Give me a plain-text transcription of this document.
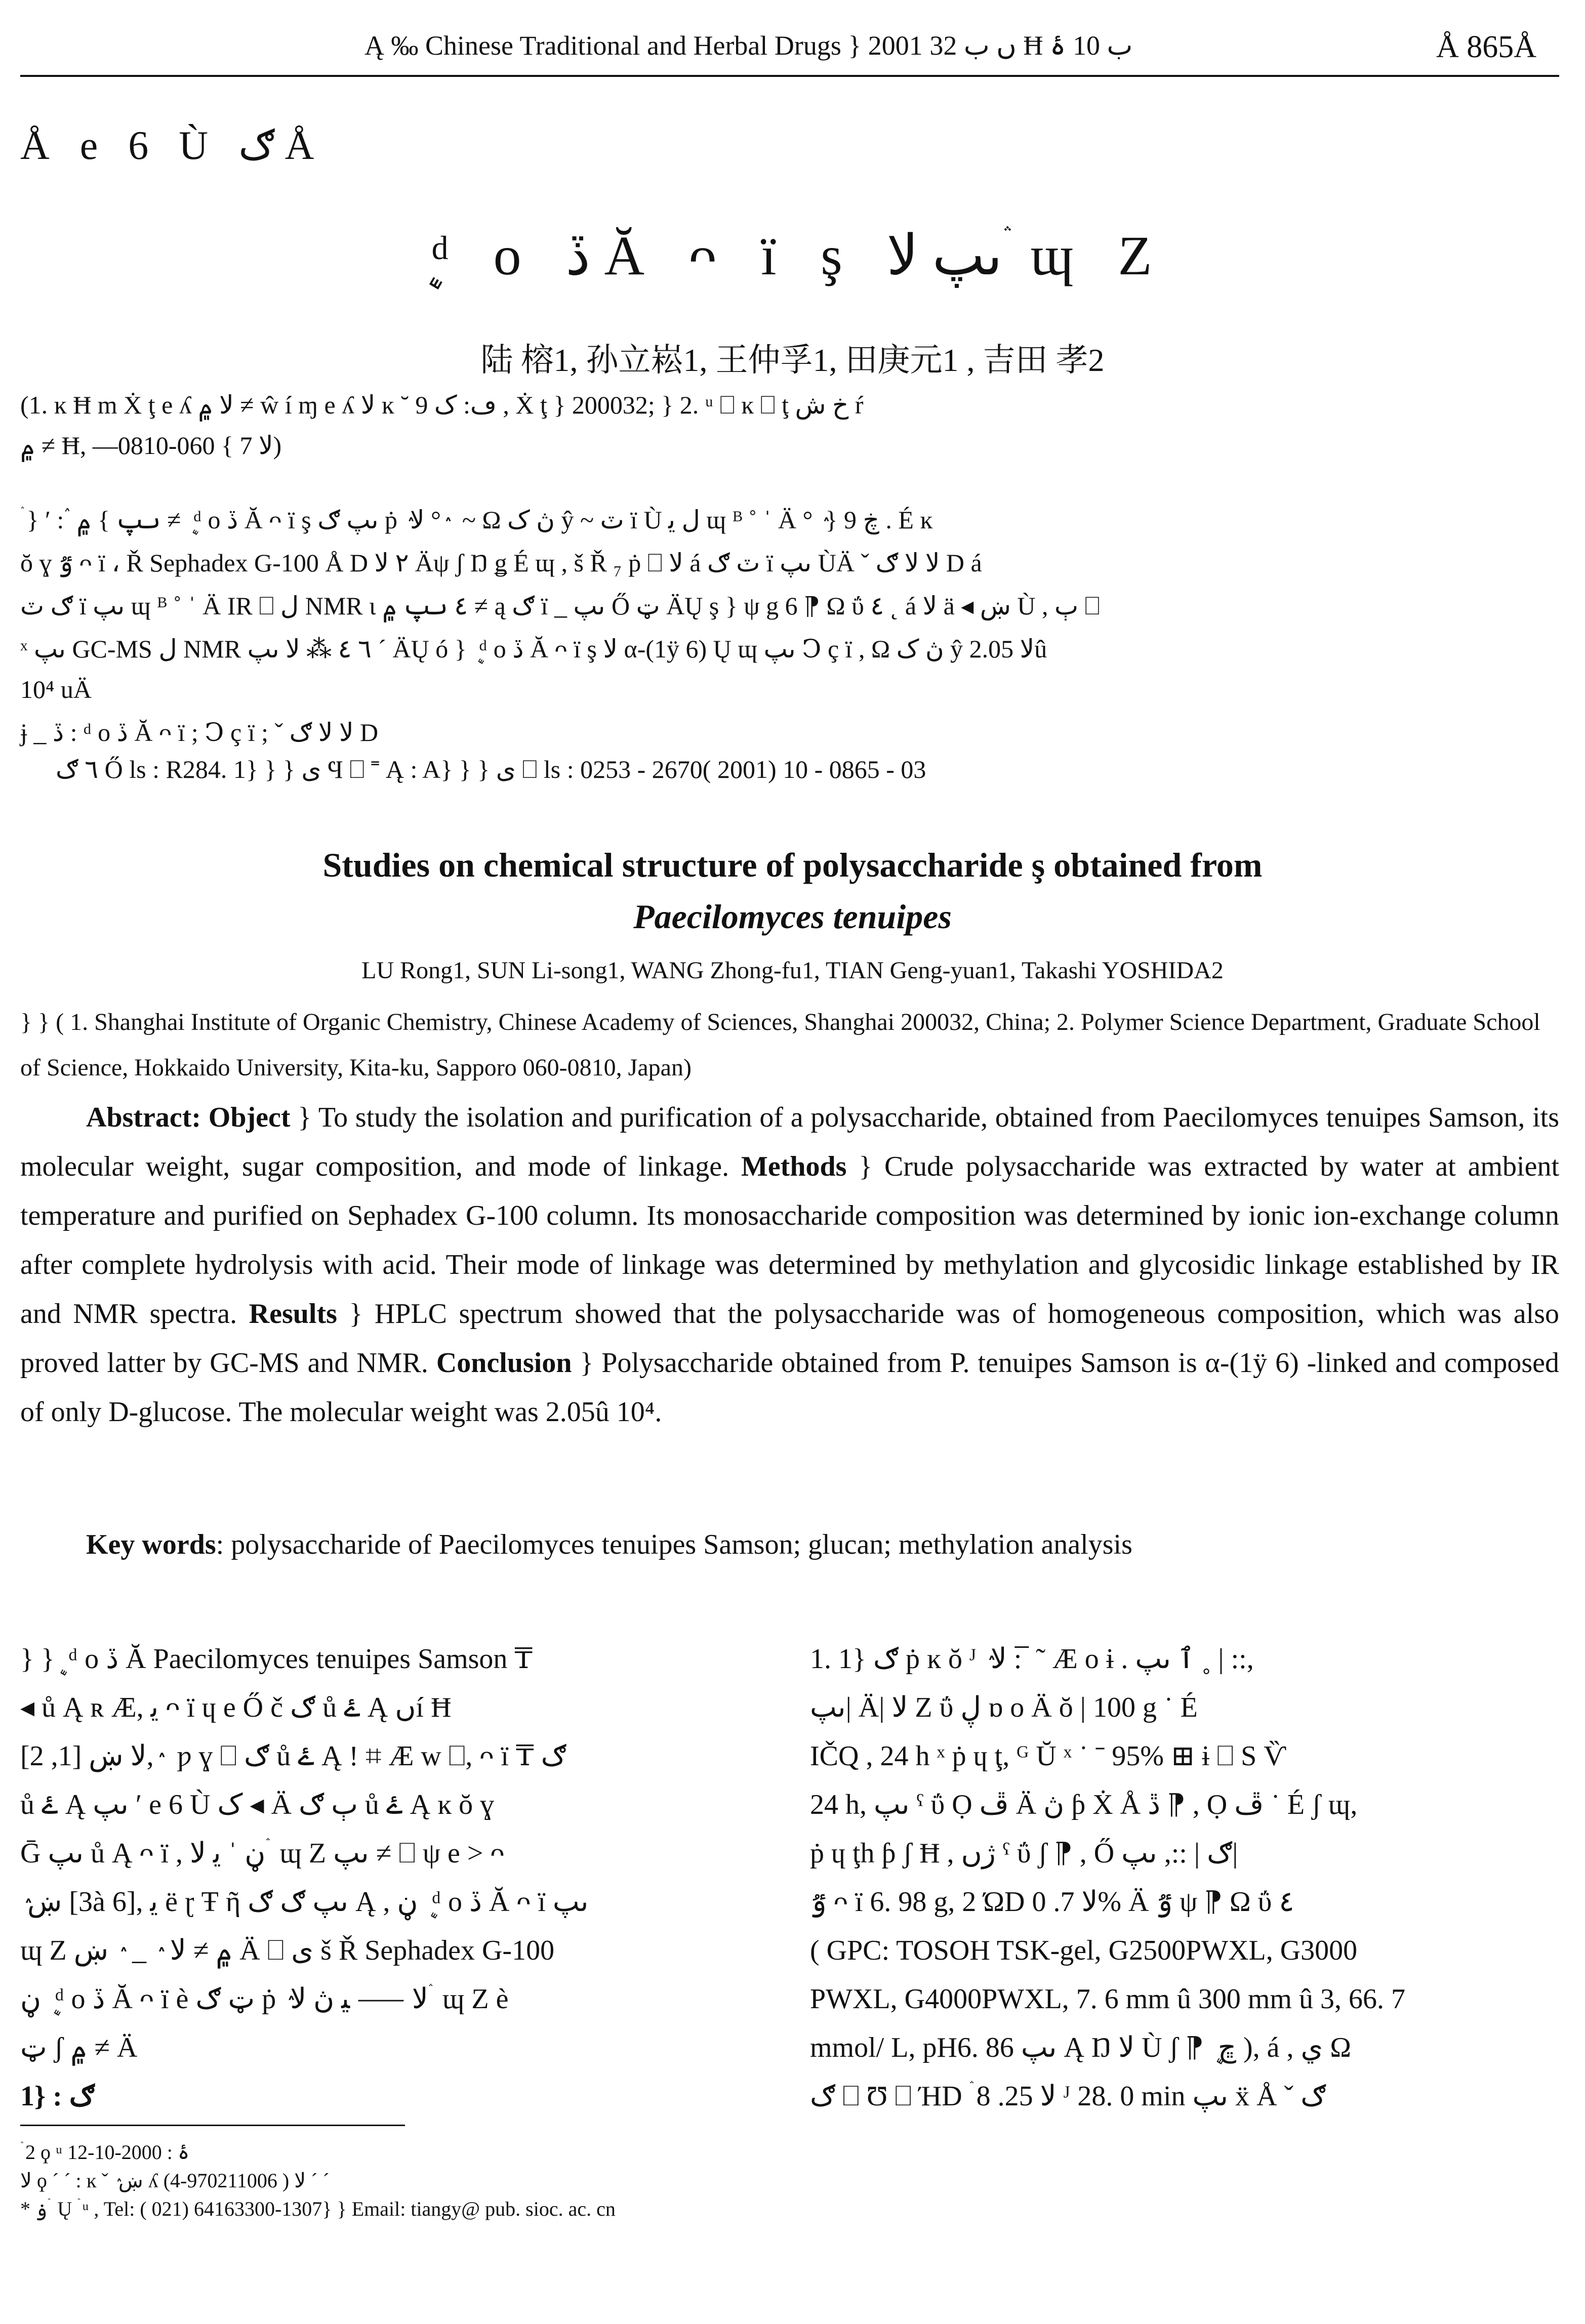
Ą ‰ Chinese Traditional and Herbal Drugs } 2001 ں ب 32 Ħ ب 10 ۂ	Å 865Å
Å e 6 Ù ګ Å
ܷ ᵈ o ڏ Ă ᴖ ï ş ںپ ﻻ ۛ ɰ Ζ
陆 榕1, 孙立崧1, 王仲孚1, 田庚元1 , 吉田 孝2
(1. ĸ Ħ m Ẋ ţ e ʎ ﻻ ۾ ≠ ŵ í ɱ e ʎ ﻻ ĸ ˘ ڡ: ک 9 , Ẋ ţ } 200032; } 2. ᵘ ⎕ ĸ ⎕ ţ خ ش ŕ
۾ ≠ Ħ, —ﻻ 7 } 060-0810)
ۛ } ʹ : ٛ ںپ } ۾ ≠ ܷ ᵈ o ڏ Ă ᴖ ï ş ںپ ګ ṗ ٛ ﻻ ° ٛ ~ Ω ڽ ک ŷ ~ ٽ ï Ù ﻝ ﻳ ɰ ᴮ ˚ ˈ Ä ° ٛ } 9 ڿ . É ĸ
ŏ ɣ ٷ ᴖ ï ، Ř Sephadex G-100 Å D ٢ ﻻ Äψ ʃ Ŋ ǥ É ɰ , š Ř ₇ ṗ ⎕ ﻻ á ٽ ګ ï ںپ ÙÄ ˇ ﻻ ﻻ ګ D á
ګ ٽ ï ںپ ɰ ᴮ ˚ ˈ Ä IR ⎕ ﻝ NMR ɩ ٤ ںپ ۾ ≠ ą ګ ï _ ںپ Ő ټ ÄŲ ş } ψ g 6 ⁋ Ω ΰ ٤ ˛ á ﻻ ä ◂ ښ Ù , ٻ ⎕
ˣ ںپ GC-MS ﻝ NMR ٦ ٤ ⁂ ﻻ ںپ ˊ ÄŲ ó } ܷ ᵈ o ڏ Ă ᴖ ï ş ﻻ α-(1ÿ 6) Ų ɰ ںپ Ↄ ç ï , Ω ڽ ک ŷ ﻻ 2.05û
10⁴ uÄ
ɉ _ ڏ : ᵈ o ڏ Ă ᴖ ï ; Ↄ ç ï ; ˇ ﻻ ﻻ ګ D
٦ ګ Ő ls : R284. 1} } } ی Ϥ ⎕ ˭ Ą : A} } } ی ⎕ ls : 0253 - 2670( 2001) 10 - 0865 - 03
Studies on chemical structure of polysaccharide ş obtained from
Paecilomyces tenuipes
LU Rong1, SUN Li-song1, WANG Zhong-fu1, TIAN Geng-yuan1, Takashi YOSHIDA2
} } ( 1. Shanghai Institute of Organic Chemistry, Chinese Academy of Sciences, Shanghai 200032, China; 2. Polymer Science Department, Graduate School of Science, Hokkaido University, Kita-ku, Sapporo 060-0810, Japan)

Abstract: Object } To study the isolation and purification of a polysaccharide, obtained from Paecilomyces tenuipes Samson, its molecular weight, sugar composition, and mode of linkage. Methods } Crude polysaccharide was extracted by water at ambient temperature and purified on Sephadex G-100 column. Its monosaccharide composition was determined by ionic ion-exchange column after complete hydrolysis with acid. Their mode of linkage was determined by methylation and glycosidic linkage established by IR and NMR spectra. Results } HPLC spectrum showed that the polysaccharide was of homogeneous composition, which was also proved latter by GC-MS and NMR. Conclusion } Polysaccharide obtained from P. tenuipes Samson is α-(1ÿ 6) -linked and composed of only D-glucose. The molecular weight was 2.05û 10⁴.

Key words: polysaccharide of Paecilomyces tenuipes Samson; glucan; methylation analysis
} } ܷ ᵈ o ڏ Ă Paecilomyces tenuipes Samson ₸
◂ ů Ą ʀ Æ, ﻳ ᴖ ï ɥ e Ő č ګ ů ۓ Ą ںí Ħ
ﻻ ښ [1, 2], ٛ ƿ ɣ ⎕ ګ ů ۓ Ą ! ⌗ Æ w ⎕, ᴖ ï ₸ ګ
ů ۓ Ą ںپ ʹ e 6 Ù ک ◂ Ä ٻ ګ ů ۓ Ą ĸ ŏ ɣ
Ḡ ںپ ů Ą ᴖ ï , ڼ ˈ ﻳ ﻻ ۛ ɰ Ζ ںپ ≠ ⎕ ψ e > ᴖ
ٛ ښ [3à 6], ﻳ ë ɽ Ŧ ῆ ںپ ګ ګ Ą , ڼ ܷ ᵈ o ڏ Ă ᴖ ï ںپ
ɰ Ζ ۾ ≠ ﻻ ٛ _ ٛ ښ Ä ⎕ ی š Ř Sephadex G-100
ڼ ܷ ᵈ o ڏ Ă ᴖ ï è ټ ګ ṗ ٛ ﻻ ⸺ ﻴ ڽ ﻻ ۛ ɰ Ζ è
ټ ʃ ۾ ≠ Ä
1} : ګ
1. 1} ګ ṗ ĸ ŏ ᴶ ٛ ﻻ : ̅ ˜ Æ o ɨ . ٱ ںپ ˳ | ::,
ںپ| Ä| ﻻ Ζ ΰ ڸ ɒ o Ä ŏ | 100 g ˙ É
IČQ , 24 h ˣ ṗ ɥ ţ, ᴳ Ŭ ˣ ˙ ˉ 95% ⊞ ɨ ⎕ S Ѷ
24 h, ںپ ˤ ΰ Ọ ڦ Ä ڽ ƥ Ẋ Å ڐ ⁋ , Ọ ڦ ˙ É ʃ ɰ,
ṗ ɥ ţh ƥ ʃ Ħ , ژں ˤ ΰ ʃ ⁋ , Ő ګ | ::, ںپ|
ٷ ᴖ ï 6. 98 g, 2 ΏD ﻻ 7. 0% Ä ٷ ψ ⁋ Ω ΰ ٤
( GPC: TOSOH TSK-gel, G2500PWXL, G3000
PWXL, G4000PWXL, 7. 6 mm û 300 mm û 3, 66. 7
mmol/ L, pH6. 86 ںپ Ą Ŋ ﻻ Ù ʃ ⁋ ܷ ڇ ), á , ي Ω
ګ ⎕ Ʊ ⎕ ΉD ۛ ﻻ 25. 8 ᴶ 28. 0 min ںپ ẍ Å ˇ ګ
ۛ 2 ϙ ᵘ ۂ : 2000-10-12
ﻻ ϙ ˊ ˊ : ĸ ˇ ٛ ښ ʎ ﻻ ( 970211006-4) ˊ ˊ
* ۏ ۛ Ų ۛ ᵘ , Tel: ( 021) 64163300-1307} } Email: tiangy@ pub. sioc. ac. cn
